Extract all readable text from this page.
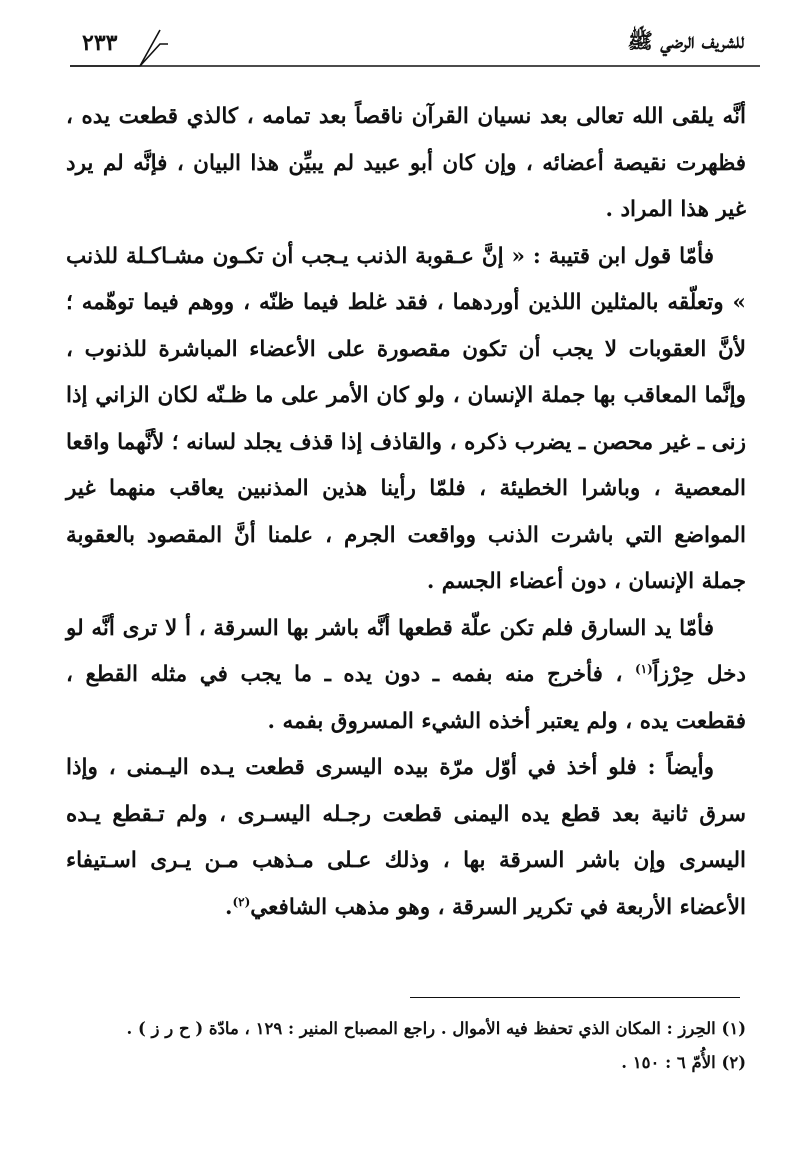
للشريف الرضي ﷺ
٢٣٣

أنَّه يلقى الله تعالى بعد نسيان القرآن ناقصاً بعد تمامه ، كالذي قطعت يده ، فظهرت نقيصة أعضائه ، وإن كان أبو عبيد لم يبيِّن هذا البيان ، فإنَّه لم يرد غير هذا المراد .

فأمّا قول ابن قتيبة : « إنَّ عـقوبة الذنب يـجب أن تكـون مشـاكـلة للذنب » وتعلّقه بالمثلين اللذين أوردهما ، فقد غلط فيما ظنّه ، ووهم فيما توهّمه ؛ لأنَّ العقوبات لا يجب أن تكون مقصورة على الأعضاء المباشرة للذنوب ، وإنَّما المعاقب بها جملة الإنسان ، ولو كان الأمر على ما ظـنّه لكان الزاني إذا زنى ـ غير محصن ـ يضرب ذكره ، والقاذف إذا قذف يجلد لسانه ؛ لأنَّهما واقعا المعصية ، وباشرا الخطيئة ، فلمّا رأينا هذين المذنبين يعاقب منهما غير المواضع التي باشرت الذنب وواقعت الجرم ، علمنا أنَّ المقصود بالعقوبة جملة الإنسان ، دون أعضاء الجسم .

فأمّا يد السارق فلم تكن علّة قطعها أنَّه باشر بها السرقة ، أ لا ترى أنَّه لو دخل حِرْزاً$^{(١)}$ ، فأخرج منه بفمه ـ دون يده ـ ما يجب في مثله القطع ، فقطعت يده ، ولم يعتبر أخذه الشيء المسروق بفمه .

وأيضاً : فلو أخذ في أوّل مرّة بيده اليسرى قطعت يـده اليـمنى ، وإذا سرق ثانية بعد قطع يده اليمنى قطعت رجـله اليسـرى ، ولم تـقطع يـده اليسرى وإن باشر السرقة بها ، وذلك عـلى مـذهب مـن يـرى اسـتيفاء الأعضاء الأربعة في تكرير السرقة ، وهو مذهب الشافعي$^{(٢)}$.

(١) الحِرز : المكان الذي تحفظ فيه الأموال . راجع المصباح المنير : ١٢٩ ، مادّة ( ح ر ز ) .

(٢) الأُمّ ٦ : ١٥٠ .
